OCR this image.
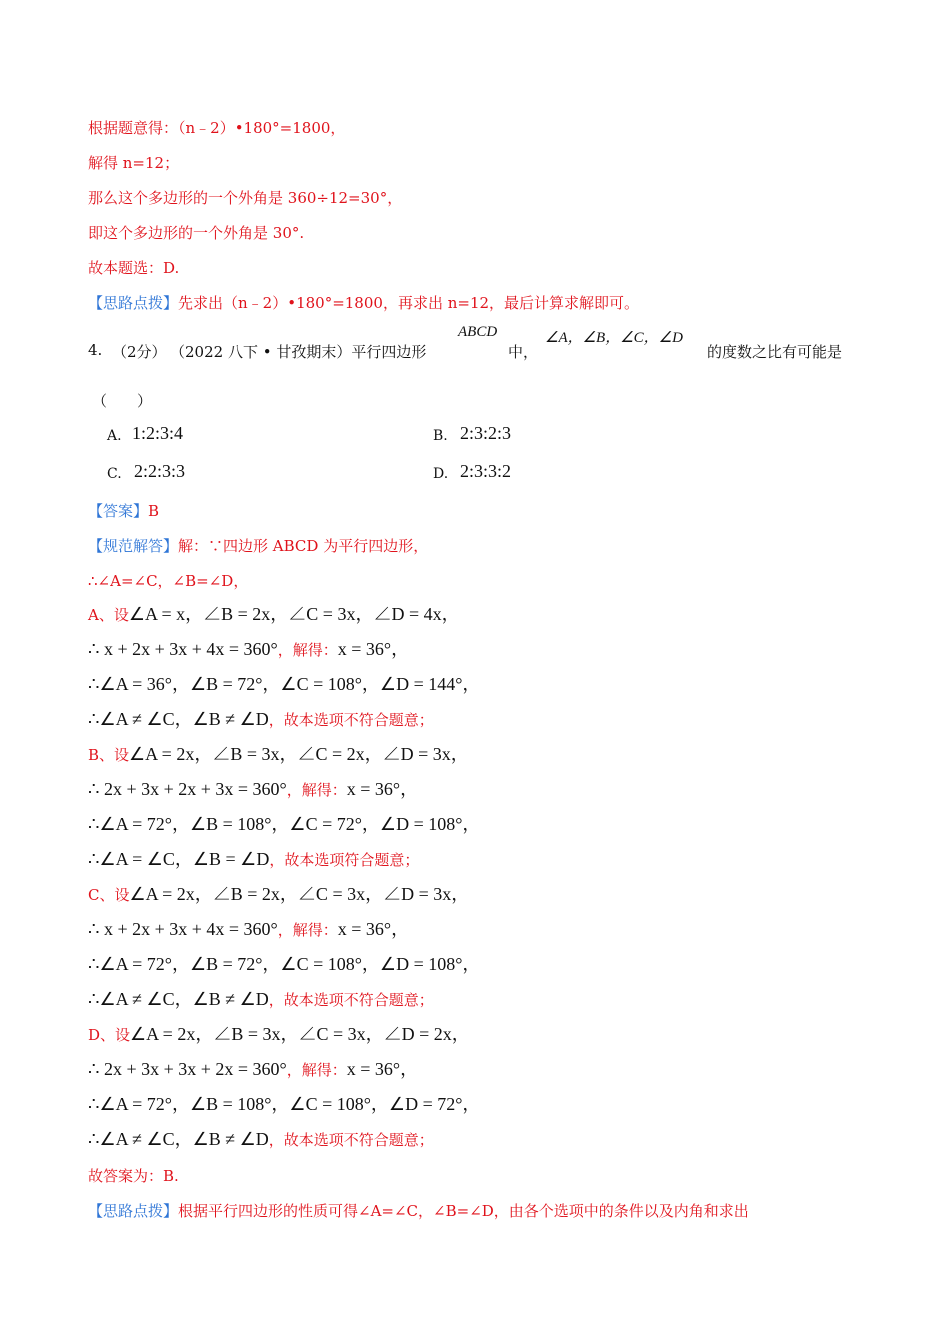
根据题意得：（n﹣2）•180°=1800，
解得 n=12；
那么这个多边形的一个外角是 360÷12=30°，
即这个多边形的一个外角是 30°.
故本题选：D.
【思路点拨】先求出（n﹣2）•180°=1800，再求出 n=12，最后计算求解即可。
4. （2分） （2022 八下 • 甘孜期末）平行四边形
ABCD
中，
∠A，∠B，∠C，∠D
的度数之比有可能是
（　　）
A. 1:2:3:4	B. 2:3:2:3
C. 2:2:3:3	D. 2:3:3:2
【答案】B
【规范解答】解：∵四边形 ABCD 为平行四边形，
∴∠A=∠C，∠B=∠D，
A、设∠A = x，∠B = 2x，∠C = 3x，∠D = 4x，
∴ x + 2x + 3x + 4x = 360°，解得：x = 36°，
∴∠A = 36°，∠B = 72°，∠C = 108°，∠D = 144°，
∴∠A ≠ ∠C，∠B ≠ ∠D，故本选项不符合题意；
B、设∠A = 2x，∠B = 3x，∠C = 2x，∠D = 3x，
∴ 2x + 3x + 2x + 3x = 360°，解得：x = 36°，
∴∠A = 72°，∠B = 108°，∠C = 72°，∠D = 108°，
∴∠A = ∠C，∠B = ∠D，故本选项符合题意；
C、设∠A = 2x，∠B = 2x，∠C = 3x，∠D = 3x，
∴ x + 2x + 3x + 4x = 360°，解得：x = 36°，
∴∠A = 72°，∠B = 72°，∠C = 108°，∠D = 108°，
∴∠A ≠ ∠C，∠B ≠ ∠D，故本选项不符合题意；
D、设∠A = 2x，∠B = 3x，∠C = 3x，∠D = 2x，
∴ 2x + 3x + 3x + 2x = 360°，解得：x = 36°，
∴∠A = 72°，∠B = 108°，∠C = 108°，∠D = 72°，
∴∠A ≠ ∠C，∠B ≠ ∠D，故本选项不符合题意；
故答案为：B.
【思路点拨】根据平行四边形的性质可得∠A=∠C，∠B=∠D，由各个选项中的条件以及内角和求出
